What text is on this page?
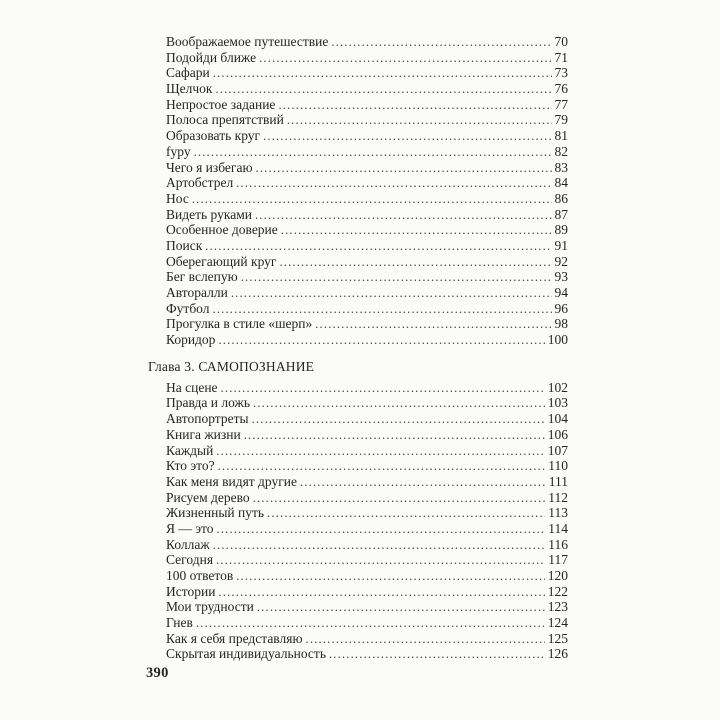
Воображаемое путешествие .....	70
Подойди ближе .....	71
Сафари .....	73
Щелчок .....	76
Непростое задание .....	77
Полоса препятствий .....	79
Образовать круг .....	81
fуру .....	82
Чего я избегаю .....	83
Артобстрел .....	84
Нос .....	86
Видеть руками .....	87
Особенное доверие .....	89
Поиск .....	91
Оберегающий круг .....	92
Бег вслепую .....	93
Авторалли .....	94
Футбол .....	96
Прогулка в стиле «шерп» .....	98
Коридор .....	100
Глава 3. САМОПОЗНАНИЕ
На сцене .....	102
Правда и ложь .....	103
Автопортреты .....	104
Книга жизни .....	106
Каждый .....	107
Кто это? .....	110
Как меня видят другие .....	111
Рисуем дерево .....	112
Жизненный путь .....	113
Я — это .....	114
Коллаж .....	116
Сегодня .....	117
100 ответов .....	120
Истории .....	122
Мои трудности .....	123
Гнев .....	124
Как я себя представляю .....	125
Скрытая индивидуальность .....	126
390
